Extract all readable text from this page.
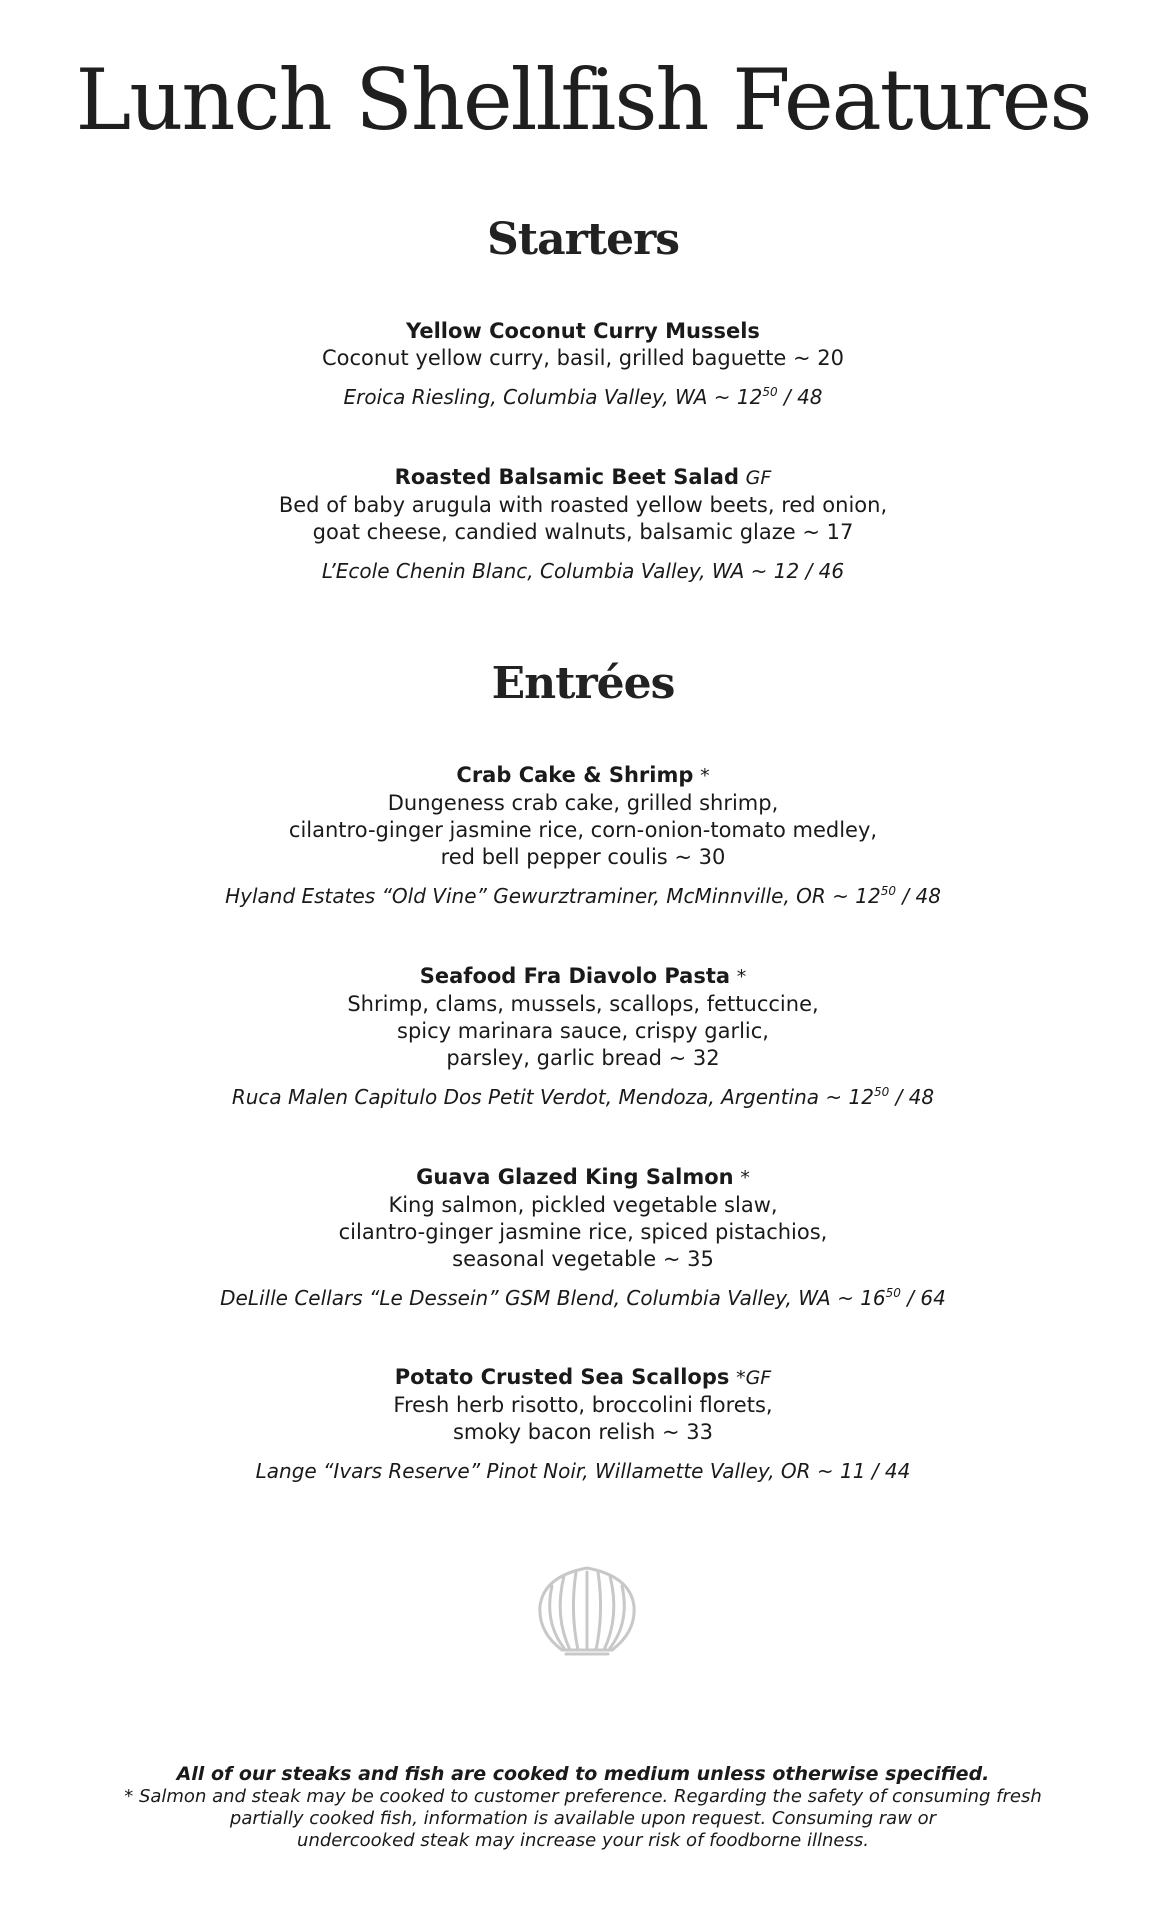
Lunch Shellfish Features
Starters
Yellow Coconut Curry Mussels
Coconut yellow curry, basil, grilled baguette ~ 20
Eroica Riesling, Columbia Valley, WA ~ $12^{50} / 48$
Roasted Balsamic Beet Salad GF
Bed of baby arugula with roasted yellow beets, red onion,
goat cheese, candied walnuts, balsamic glaze ~ 17
L’Ecole Chenin Blanc, Columbia Valley, WA ~ 12 / 46
Entrées
Crab Cake & Shrimp *
Dungeness crab cake, grilled shrimp,
cilantro-ginger jasmine rice, corn-onion-tomato medley,
red bell pepper coulis ~ 30
Hyland Estates “Old Vine” Gewurztraminer, McMinnville, OR ~ $12^{50} / 48$
Seafood Fra Diavolo Pasta *
Shrimp, clams, mussels, scallops, fettuccine,
spicy marinara sauce, crispy garlic,
parsley, garlic bread ~ 32
Ruca Malen Capitulo Dos Petit Verdot, Mendoza, Argentina ~ $12^{50} / 48$
Guava Glazed King Salmon *
King salmon, pickled vegetable slaw,
cilantro-ginger jasmine rice, spiced pistachios,
seasonal vegetable ~ 35
DeLille Cellars “Le Dessein” GSM Blend, Columbia Valley, WA ~ $16^{50} / 64$
Potato Crusted Sea Scallops *GF
Fresh herb risotto, broccolini florets,
smoky bacon relish ~ 33
Lange “Ivars Reserve” Pinot Noir, Willamette Valley, OR ~ 11 / 44
All of our steaks and fish are cooked to medium unless otherwise specified.
* Salmon and steak may be cooked to customer preference. Regarding the safety of consuming fresh
partially cooked fish, information is available upon request. Consuming raw or
undercooked steak may increase your risk of foodborne illness.
